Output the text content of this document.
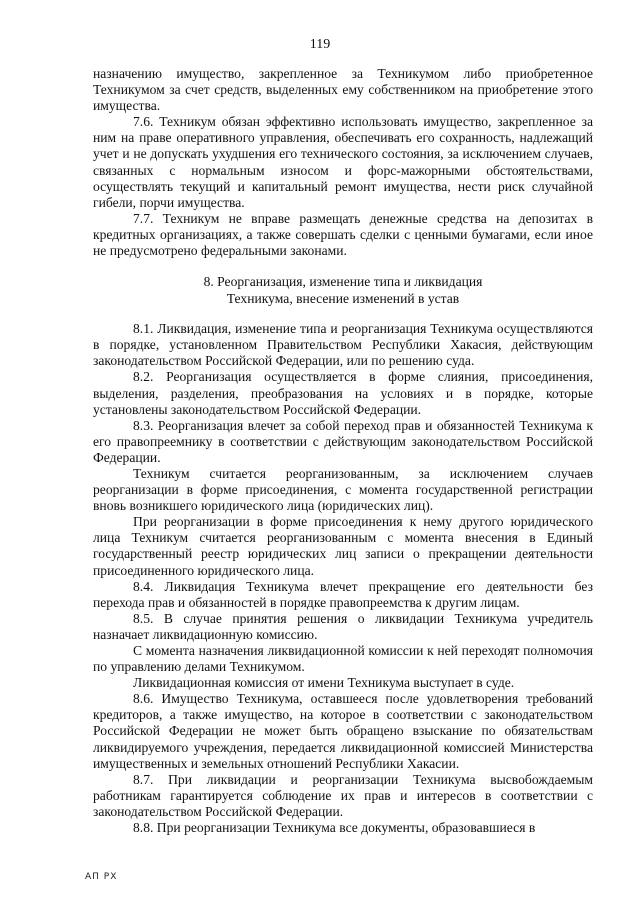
119

назначению имущество, закрепленное за Техникумом либо приобретенное Техникумом за счет средств, выделенных ему собственником на приобретение этого имущества.

7.6. Техникум обязан эффективно использовать имущество, закрепленное за ним на праве оперативного управления, обеспечивать его сохранность, надлежащий учет и не допускать ухудшения его технического состояния, за исключением случаев, связанных с нормальным износом и форс-мажорными обстоятельствами, осуществлять текущий и капитальный ремонт имущества, нести риск случайной гибели, порчи имущества.

7.7. Техникум не вправе размещать денежные средства на депозитах в кредитных организациях, а также совершать сделки с ценными бумагами, если иное не предусмотрено федеральными законами.

8. Реорганизация, изменение типа и ликвидация

Техникума, внесение изменений в устав

8.1. Ликвидация, изменение типа и реорганизация Техникума осуществляются в порядке, установленном Правительством Республики Хакасия, действующим законодательством Российской Федерации, или по решению суда.

8.2. Реорганизация осуществляется в форме слияния, присоединения, выделения, разделения, преобразования на условиях и в порядке, которые установлены законодательством Российской Федерации.

8.3. Реорганизация влечет за собой переход прав и обязанностей Техникума к его правопреемнику в соответствии с действующим законодательством Российской Федерации.

Техникум считается реорганизованным, за исключением случаев реорганизации в форме присоединения, с момента государственной регистрации вновь возникшего юридического лица (юридических лиц).

При реорганизации в форме присоединения к нему другого юридического лица Техникум считается реорганизованным с момента внесения в Единый государственный реестр юридических лиц записи о прекращении деятельности присоединенного юридического лица.

8.4. Ликвидация Техникума влечет прекращение его деятельности без перехода прав и обязанностей в порядке правопреемства к другим лицам.

8.5. В случае принятия решения о ликвидации Техникума учредитель назначает ликвидационную комиссию.

С момента назначения ликвидационной комиссии к ней переходят полномочия по управлению делами Техникумом.

Ликвидационная комиссия от имени Техникума выступает в суде.

8.6. Имущество Техникума, оставшееся после удовлетворения требований кредиторов, а также имущество, на которое в соответствии с законодательством Российской Федерации не может быть обращено взыскание по обязательствам ликвидируемого учреждения, передается ликвидационной комиссией Министерства имущественных и земельных отношений Республики Хакасии.

8.7. При ликвидации и реорганизации Техникума высвобождаемым работникам гарантируется соблюдение их прав и интересов в соответствии с законодательством Российской Федерации.

8.8. При реорганизации Техникума все документы, образовавшиеся в

АП РХ
